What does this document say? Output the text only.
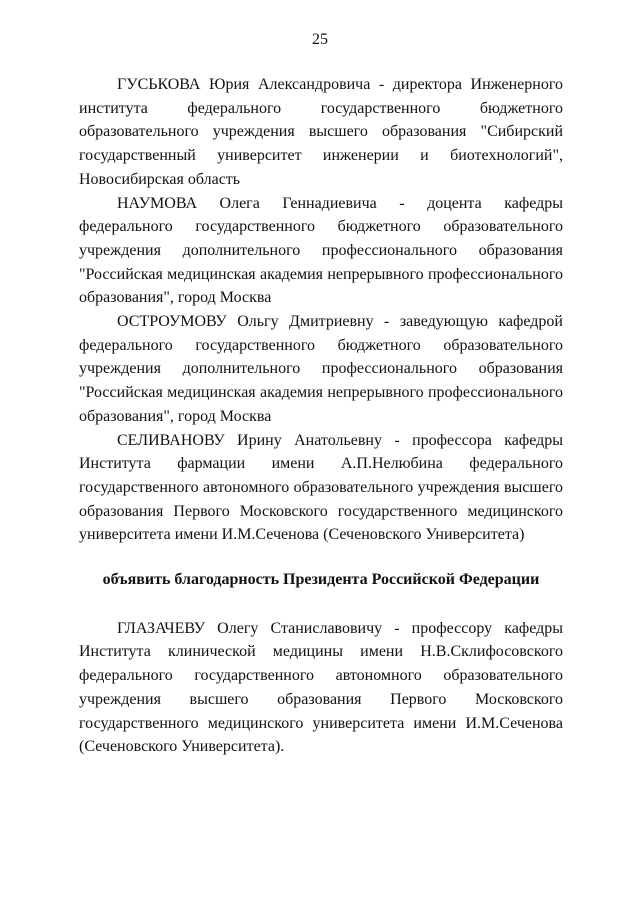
25

ГУСЬКОВА Юрия Александровича - директора Инженерного института федерального государственного бюджетного образовательного учреждения высшего образования "Сибирский государственный университет инженерии и биотехнологий", Новосибирская область

НАУМОВА Олега Геннадиевича - доцента кафедры федерального государственного бюджетного образовательного учреждения дополнительного профессионального образования "Российская медицинская академия непрерывного профессионального образования", город Москва

ОСТРОУМОВУ Ольгу Дмитриевну - заведующую кафедрой федерального государственного бюджетного образовательного учреждения дополнительного профессионального образования "Российская медицинская академия непрерывного профессионального образования", город Москва

СЕЛИВАНОВУ Ирину Анатольевну - профессора кафедры Института фармации имени А.П.Нелюбина федерального государственного автономного образовательного учреждения высшего образования Первого Московского государственного медицинского университета имени И.М.Сеченова (Сеченовского Университета)

объявить благодарность Президента Российской Федерации

ГЛАЗАЧЕВУ Олегу Станиславовичу - профессору кафедры Института клинической медицины имени Н.В.Склифосовского федерального государственного автономного образовательного учреждения высшего образования Первого Московского государственного медицинского университета имени И.М.Сеченова (Сеченовского Университета).
